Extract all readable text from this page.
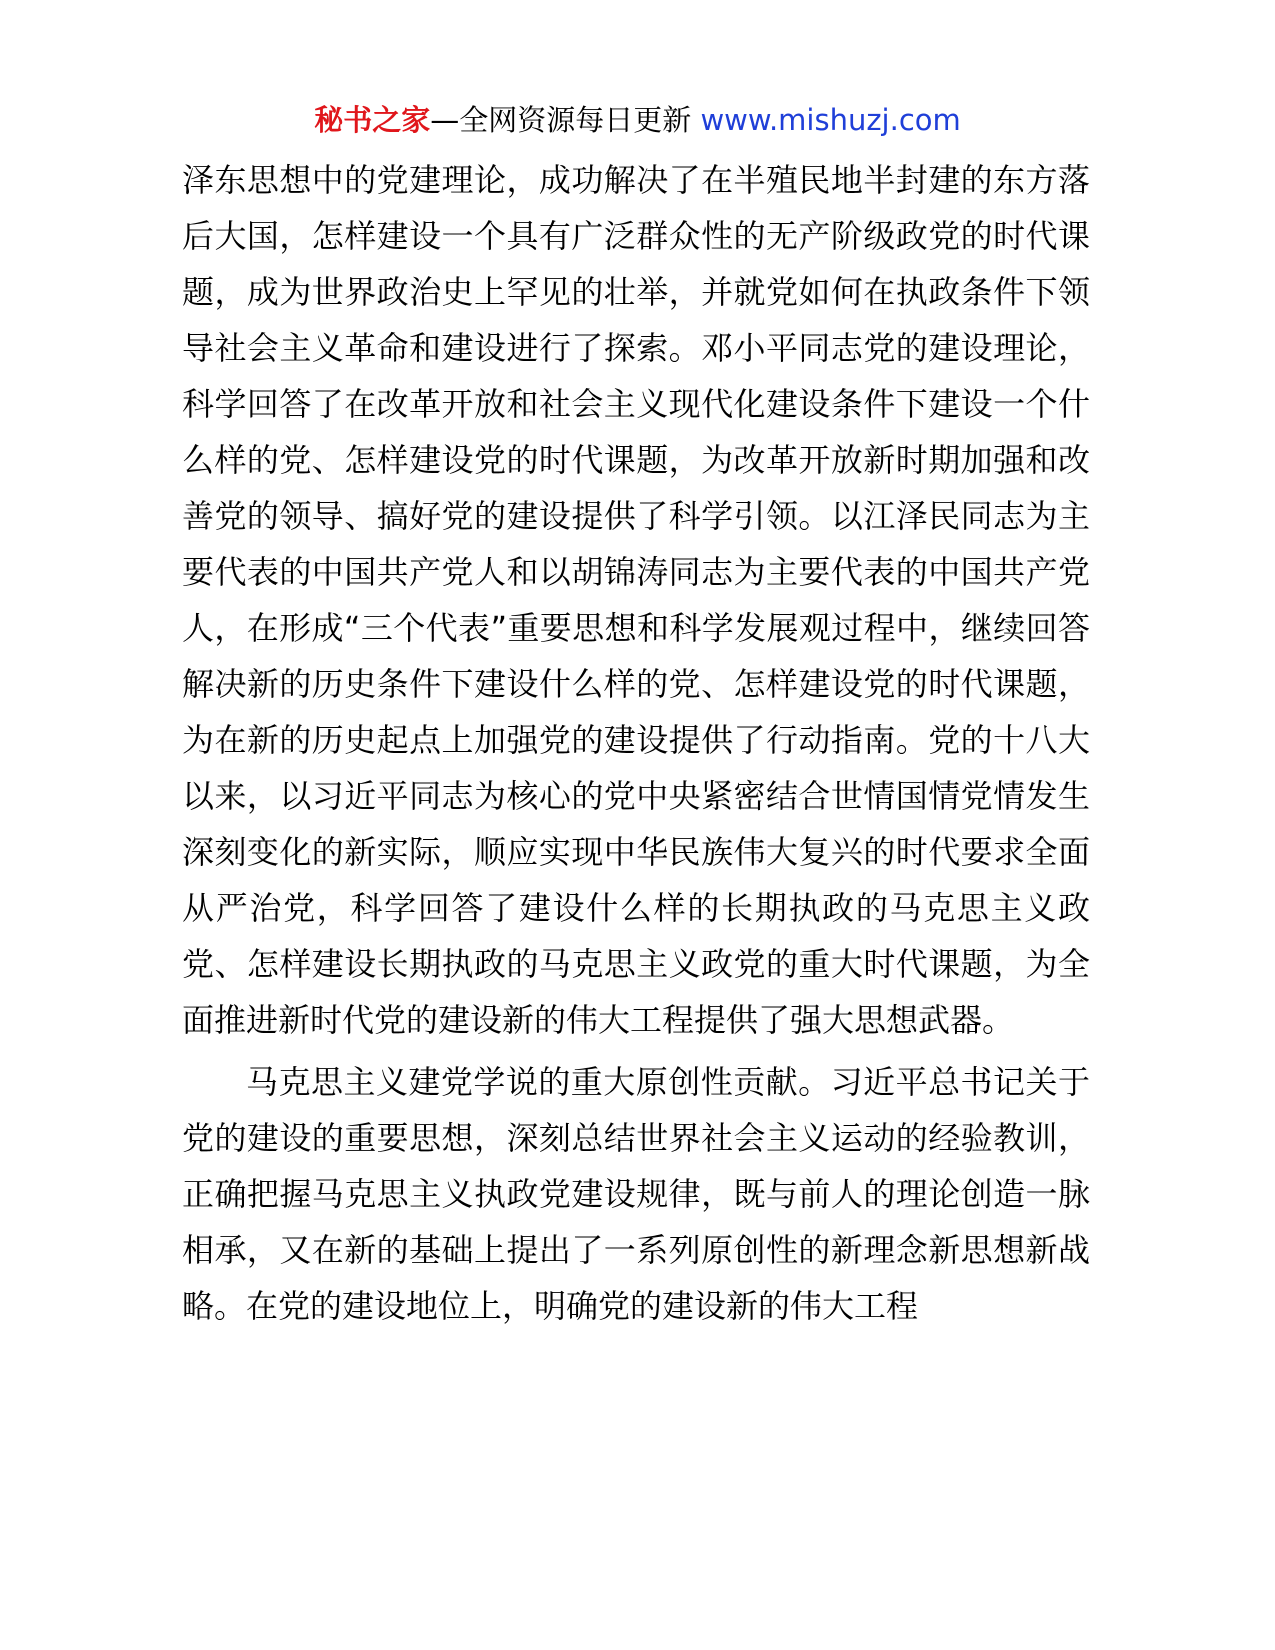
秘书之家—全网资源每日更新 www.mishuzj.com

泽东思想中的党建理论，成功解决了在半殖民地半封建的东方落后大国，怎样建设一个具有广泛群众性的无产阶级政党的时代课题，成为世界政治史上罕见的壮举，并就党如何在执政条件下领导社会主义革命和建设进行了探索。邓小平同志党的建设理论，科学回答了在改革开放和社会主义现代化建设条件下建设一个什么样的党、怎样建设党的时代课题，为改革开放新时期加强和改善党的领导、搞好党的建设提供了科学引领。以江泽民同志为主要代表的中国共产党人和以胡锦涛同志为主要代表的中国共产党人，在形成“三个代表”重要思想和科学发展观过程中，继续回答解决新的历史条件下建设什么样的党、怎样建设党的时代课题，为在新的历史起点上加强党的建设提供了行动指南。党的十八大以来，以习近平同志为核心的党中央紧密结合世情国情党情发生深刻变化的新实际，顺应实现中华民族伟大复兴的时代要求全面从严治党，科学回答了建设什么样的长期执政的马克思主义政党、怎样建设长期执政的马克思主义政党的重大时代课题，为全面推进新时代党的建设新的伟大工程提供了强大思想武器。

马克思主义建党学说的重大原创性贡献。习近平总书记关于党的建设的重要思想，深刻总结世界社会主义运动的经验教训，正确把握马克思主义执政党建设规律，既与前人的理论创造一脉相承，又在新的基础上提出了一系列原创性的新理念新思想新战略。在党的建设地位上，明确党的建设新的伟大工程
